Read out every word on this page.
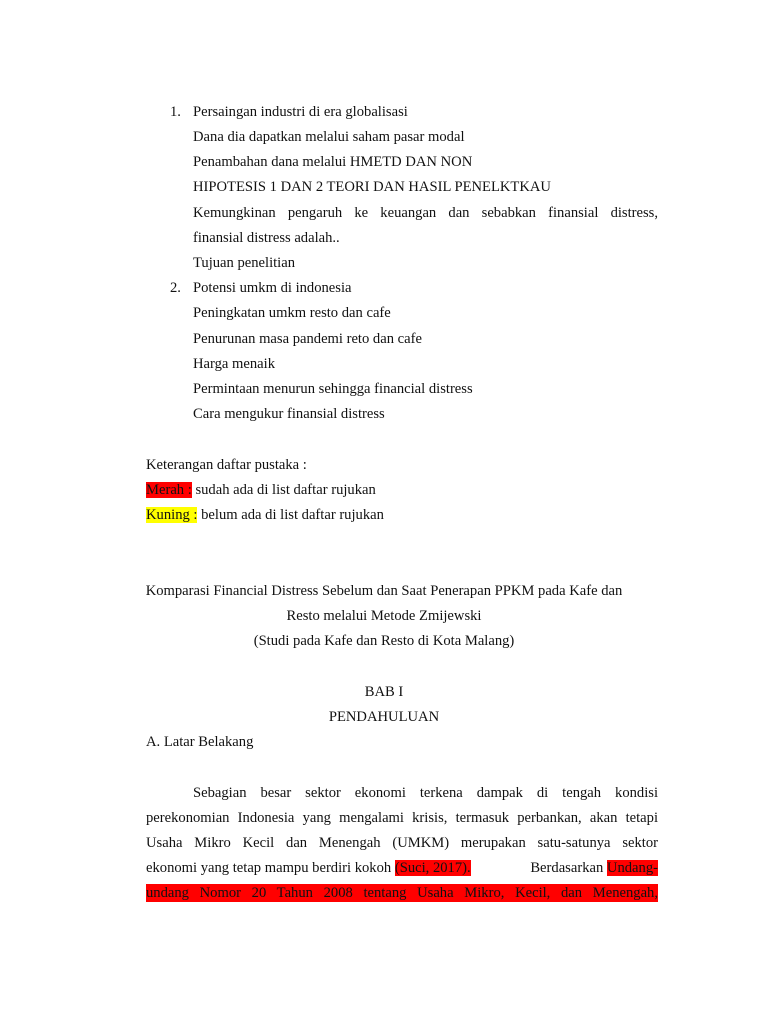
1. Persaingan industri di era globalisasi
Dana dia dapatkan melalui saham pasar modal
Penambahan dana melalui HMETD DAN NON
HIPOTESIS 1 DAN 2 TEORI DAN HASIL PENELKTKAU
Kemungkinan pengaruh ke keuangan dan sebabkan finansial distress,
finansial distress adalah..
Tujuan penelitian
2. Potensi umkm di indonesia
Peningkatan umkm resto dan cafe
Penurunan masa pandemi reto dan cafe
Harga menaik
Permintaan menurun sehingga financial distress
Cara mengukur finansial distress
Keterangan daftar pustaka :
Merah : sudah ada di list daftar rujukan
Kuning : belum ada di list daftar rujukan
Komparasi Financial Distress Sebelum dan Saat Penerapan PPKM pada Kafe dan
Resto melalui Metode Zmijewski
(Studi pada Kafe dan Resto di Kota Malang)
BAB I
PENDAHULUAN
A. Latar Belakang
Sebagian besar sektor ekonomi terkena dampak di tengah kondisi
perekonomian Indonesia yang mengalami krisis, termasuk perbankan, akan tetapi
Usaha Mikro Kecil dan Menengah (UMKM) merupakan satu-satunya sektor
ekonomi yang tetap mampu berdiri kokoh (Suci, 2017).	Berdasarkan Undang-
undang Nomor 20 Tahun 2008 tentang Usaha Mikro, Kecil, dan Menengah,
